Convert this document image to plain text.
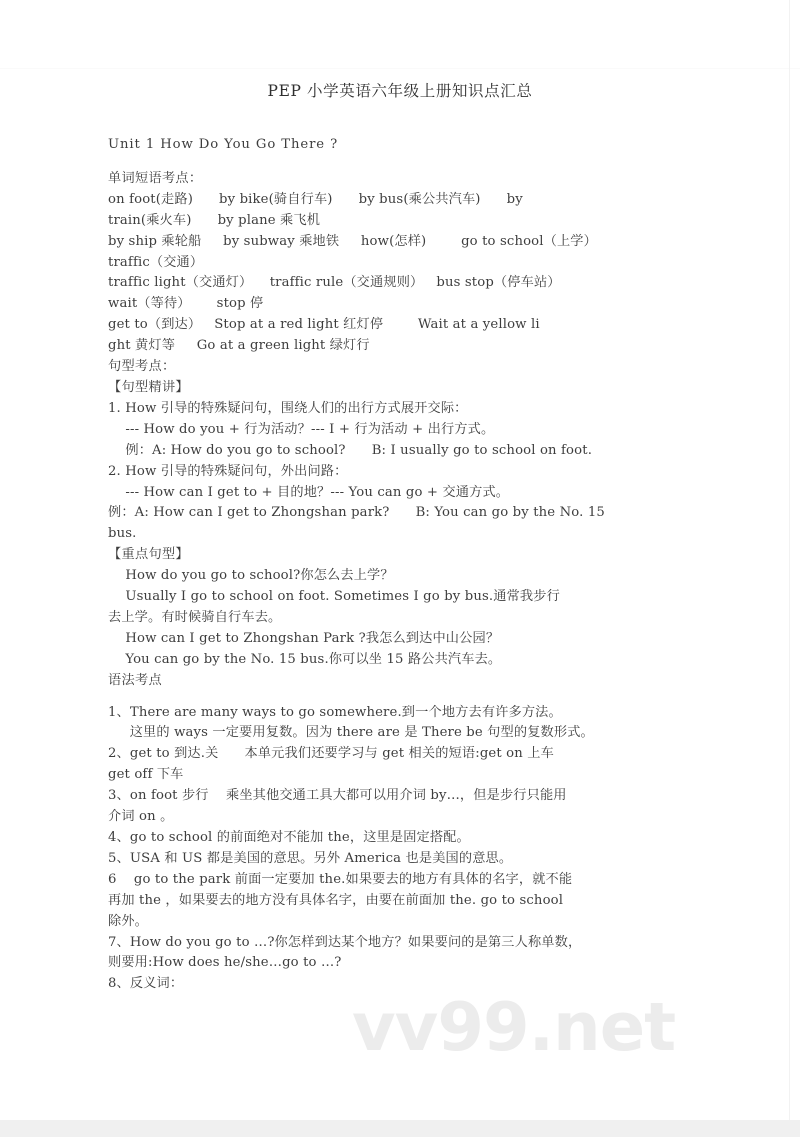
vv99.net
PEP 小学英语六年级上册知识点汇总
Unit 1 How Do You Go There ?
单词短语考点：
on foot(走路)      by bike(骑自行车)      by bus(乘公共汽车)      by
train(乘火车)      by plane 乘飞机
by ship 乘轮船     by subway 乘地铁     how(怎样)        go to school（上学）
traffic（交通）
traffic light（交通灯）    traffic rule（交通规则）   bus stop（停车站）
wait（等待）      stop 停
get to（到达）   Stop at a red light 红灯停        Wait at a yellow li
ght 黄灯等     Go at a green light 绿灯行
句型考点：
【句型精讲】
1. How 引导的特殊疑问句，围绕人们的出行方式展开交际：
--- How do you + 行为活动？--- I + 行为活动 + 出行方式。
例：A: How do you go to school?      B: I usually go to school on foot.
2. How 引导的特殊疑问句，外出问路：
--- How can I get to + 目的地？--- You can go + 交通方式。
例：A: How can I get to Zhongshan park?      B: You can go by the No. 15
bus.
【重点句型】
How do you go to school?你怎么去上学？
Usually I go to school on foot. Sometimes I go by bus.通常我步行
去上学。有时候骑自行车去。
How can I get to Zhongshan Park ?我怎么到达中山公园？
You can go by the No. 15 bus.你可以坐 15 路公共汽车去。
语法考点
1、There are many ways to go somewhere.到一个地方去有许多方法。
这里的 ways 一定要用复数。因为 there are 是 There be 句型的复数形式。
2、get to 到达.关      本单元我们还要学习与 get 相关的短语:get on 上车
get off 下车
3、on foot 步行    乘坐其他交通工具大都可以用介词 by…，但是步行只能用
介词 on 。
4、go to school 的前面绝对不能加 the，这里是固定搭配。
5、USA 和 US 都是美国的意思。另外 America 也是美国的意思。
6    go to the park 前面一定要加 the.如果要去的地方有具体的名字，就不能
再加 the ，如果要去的地方没有具体名字，由要在前面加 the. go to school
除外。
7、How do you go to …?你怎样到达某个地方？如果要问的是第三人称单数，
则要用:How does he/she…go to …?
8、反义词：
